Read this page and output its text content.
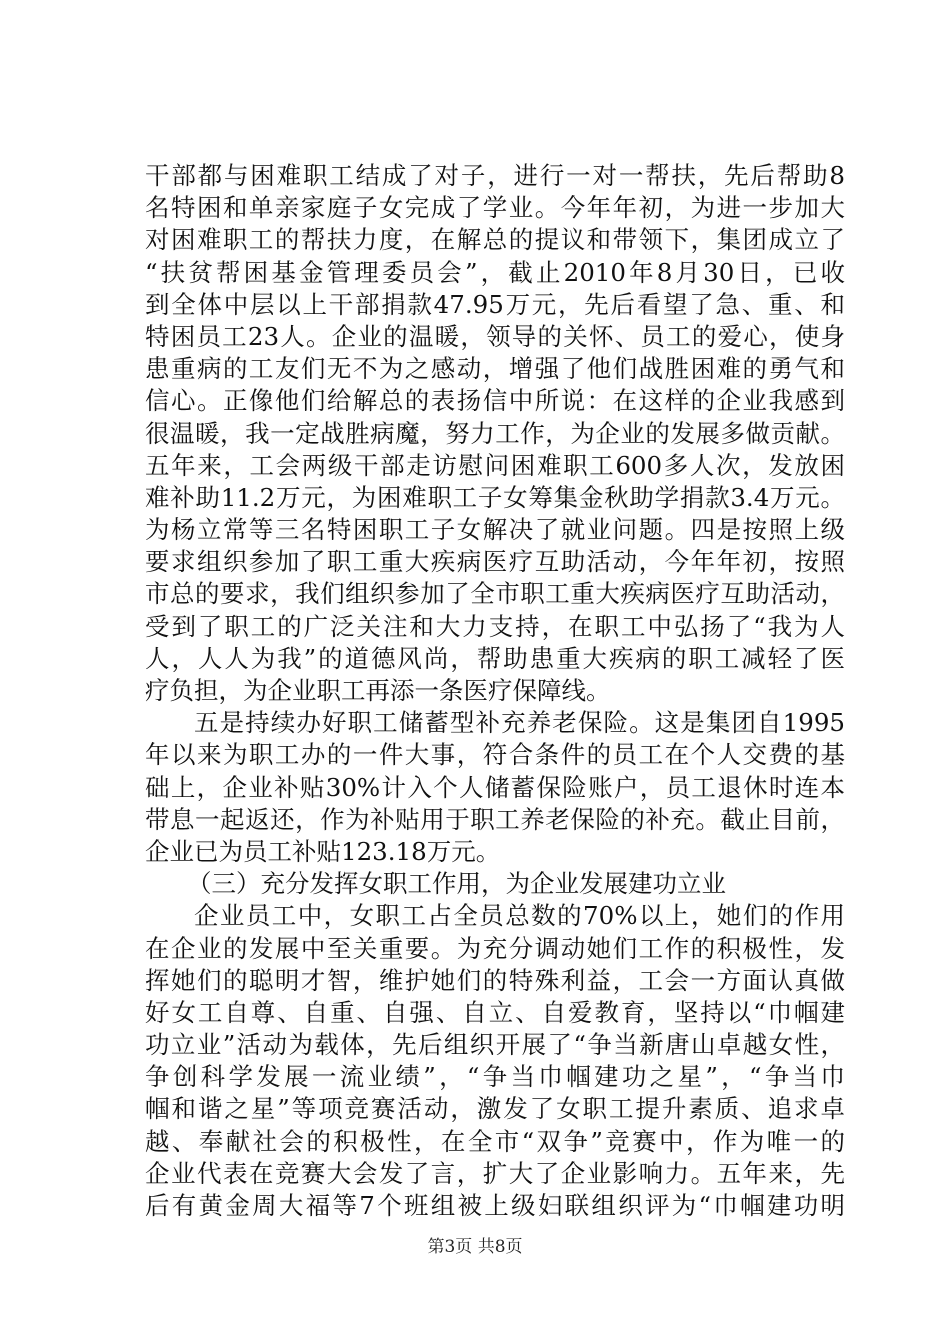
干部都与困难职工结成了对子，进行一对一帮扶，先后帮助8
名特困和单亲家庭子女完成了学业。今年年初，为进一步加大
对困难职工的帮扶力度，在解总的提议和带领下，集团成立了
“扶贫帮困基金管理委员会”，截止2010年8月30日，已收
到全体中层以上干部捐款47.95万元，先后看望了急、重、和
特困员工23人。企业的温暖，领导的关怀、员工的爱心，使身
患重病的工友们无不为之感动，增强了他们战胜困难的勇气和
信心。正像他们给解总的表扬信中所说：在这样的企业我感到
很温暖，我一定战胜病魔，努力工作，为企业的发展多做贡献。
五年来，工会两级干部走访慰问困难职工600多人次，发放困
难补助11.2万元，为困难职工子女筹集金秋助学捐款3.4万元。
为杨立常等三名特困职工子女解决了就业问题。四是按照上级
要求组织参加了职工重大疾病医疗互助活动，今年年初，按照
市总的要求，我们组织参加了全市职工重大疾病医疗互助活动，
受到了职工的广泛关注和大力支持，在职工中弘扬了“我为人
人，人人为我”的道德风尚，帮助患重大疾病的职工减轻了医
疗负担，为企业职工再添一条医疗保障线。
五是持续办好职工储蓄型补充养老保险。这是集团自1995
年以来为职工办的一件大事，符合条件的员工在个人交费的基
础上，企业补贴30%计入个人储蓄保险账户，员工退休时连本
带息一起返还，作为补贴用于职工养老保险的补充。截止目前，
企业已为员工补贴123.18万元。
（三）充分发挥女职工作用，为企业发展建功立业
企业员工中，女职工占全员总数的70%以上，她们的作用
在企业的发展中至关重要。为充分调动她们工作的积极性，发
挥她们的聪明才智，维护她们的特殊利益，工会一方面认真做
好女工自尊、自重、自强、自立、自爱教育，坚持以“巾帼建
功立业”活动为载体，先后组织开展了“争当新唐山卓越女性，
争创科学发展一流业绩”，“争当巾帼建功之星”，“争当巾
帼和谐之星”等项竞赛活动，激发了女职工提升素质、追求卓
越、奉献社会的积极性，在全市“双争”竞赛中，作为唯一的
企业代表在竞赛大会发了言，扩大了企业影响力。五年来，先
后有黄金周大福等7个班组被上级妇联组织评为“巾帼建功明
第3页 共8页
